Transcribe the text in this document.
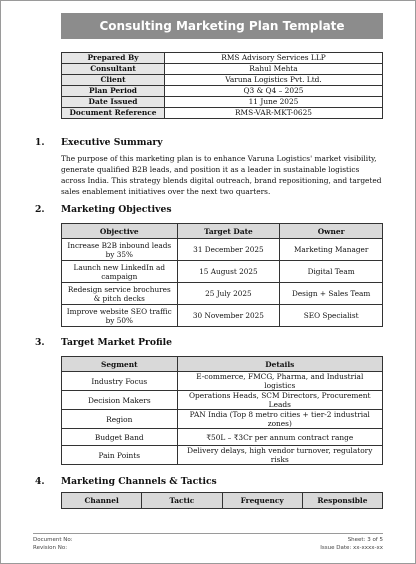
Consulting Marketing Plan Template
Prepared By	RMS Advisory Services LLP
Consultant	Rahul Mehta
Client	Varuna Logistics Pvt. Ltd.
Plan Period	Q3 & Q4 – 2025
Date Issued	11 June 2025
Document Reference	RMS-VAR-MKT-0625
1. Executive Summary
The purpose of this marketing plan is to enhance Varuna Logistics' market visibility, generate qualified B2B leads, and position it as a leader in sustainable logistics across India. This strategy blends digital outreach, brand repositioning, and targeted sales enablement initiatives over the next two quarters.
2. Marketing Objectives
Objective	Target Date	Owner
Increase B2B inbound leads by 35%	31 December 2025	Marketing Manager
Launch new LinkedIn ad campaign	15 August 2025	Digital Team
Redesign service brochures & pitch decks	25 July 2025	Design + Sales Team
Improve website SEO traffic by 50%	30 November 2025	SEO Specialist
3. Target Market Profile
Segment	Details
Industry Focus	E-commerce, FMCG, Pharma, and Industrial logistics
Decision Makers	Operations Heads, SCM Directors, Procurement Leads
Region	PAN India (Top 8 metro cities + tier-2 industrial zones)
Budget Band	₹50L – ₹3Cr per annum contract range
Pain Points	Delivery delays, high vendor turnover, regulatory risks
4. Marketing Channels & Tactics
Channel	Tactic	Frequency	Responsible
Document No:
Revision No:
Sheet: 3 of 5
Issue Date: xx-xxxx-xx
